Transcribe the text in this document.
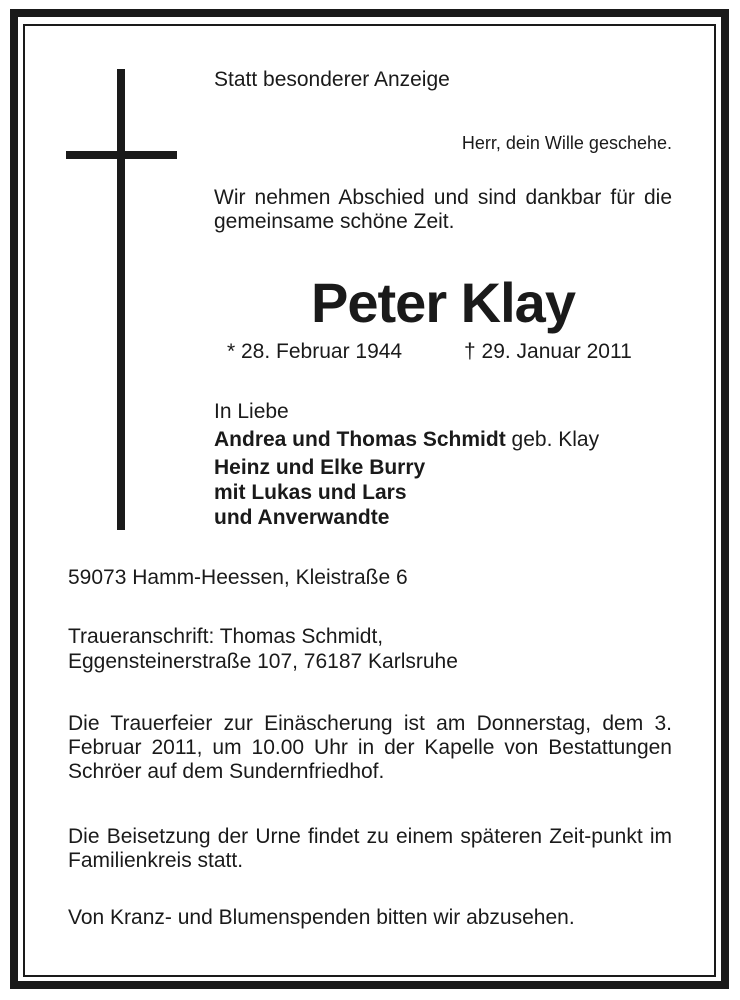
Statt besonderer Anzeige
Herr, dein Wille geschehe.
Wir nehmen Abschied und sind dankbar für die gemeinsame schöne Zeit.
Peter Klay
* 28. Februar 1944	† 29. Januar 2011
In Liebe
Andrea und Thomas Schmidt geb. Klay
Heinz und Elke Burry
mit Lukas und Lars
und Anverwandte
59073 Hamm-Heessen, Kleistraße 6
Traueranschrift: Thomas Schmidt,
Eggensteinerstraße 107, 76187 Karlsruhe
Die Trauerfeier zur Einäscherung ist am Donnerstag, dem 3. Februar 2011, um 10.00 Uhr in der Kapelle von Bestattungen Schröer auf dem Sundernfriedhof.
Die Beisetzung der Urne findet zu einem späteren Zeit-punkt im Familienkreis statt.
Von Kranz- und Blumenspenden bitten wir abzusehen.
